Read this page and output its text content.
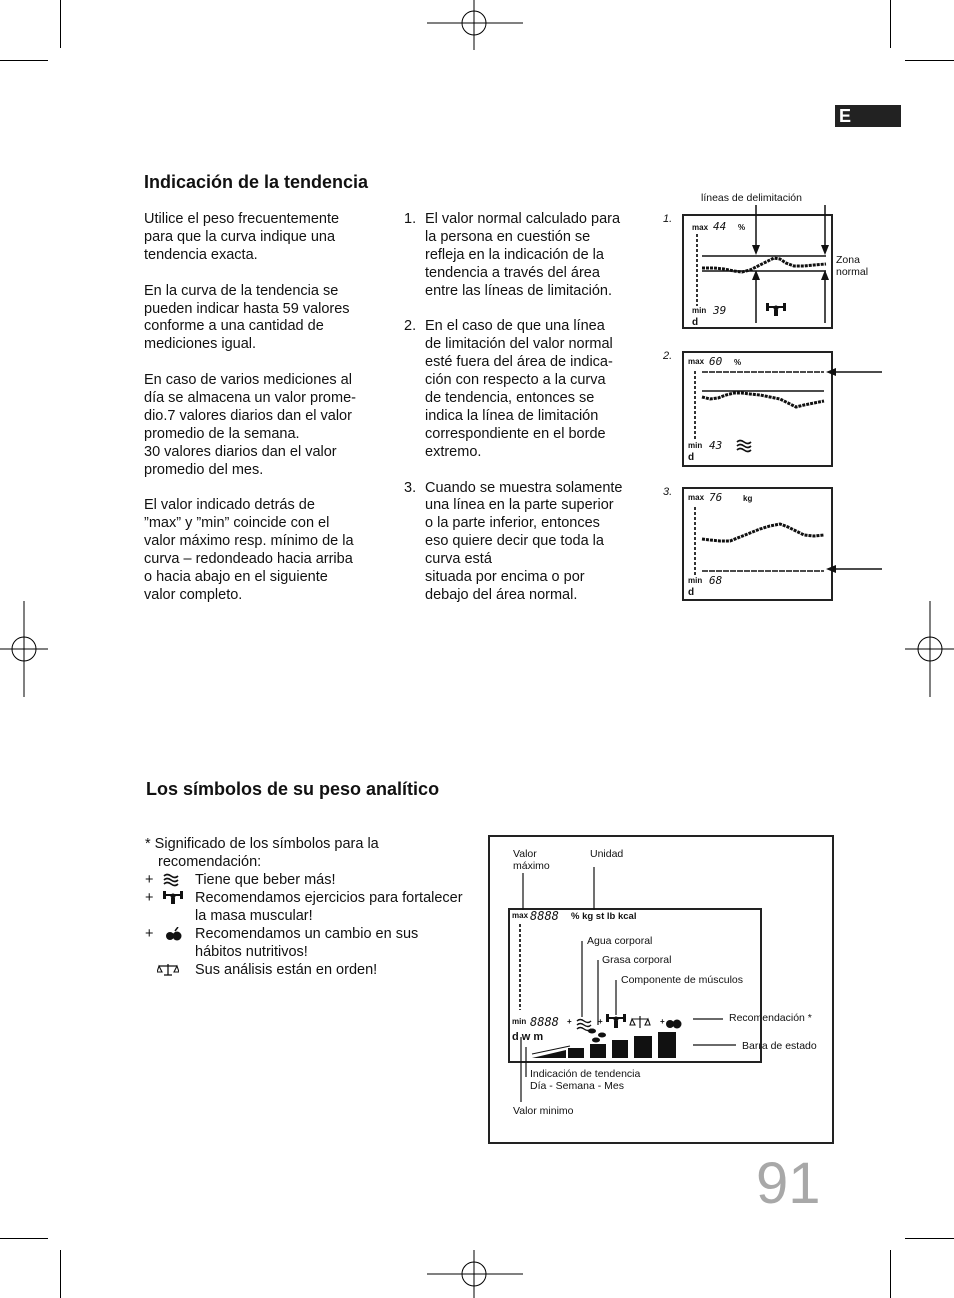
E
Indicación de la tendencia

Utilice el peso frecuentemente
para que la curva indique una
tendencia exacta.

En la curva de la tendencia se
pueden indicar hasta 59 valores
conforme a una cantidad de
mediciones igual.

En caso de varios mediciones al
día se almacena un valor prome-
dio.7 valores diarios dan el valor
promedio de la semana.
30 valores diarios dan el valor
promedio del mes.

El valor indicado detrás de
”max” y ”min” coincide con el
valor máximo resp. mínimo de la
curva – redondeado hacia arriba
o hacia abajo en el siguiente
valor completo.

1. El valor normal calculado para
la persona en cuestión se
refleja en la indicación de la
tendencia a través del área
entre las líneas de limitación.
2. En el caso de que una línea
de limitación del valor normal
esté fuera del área de indica-
ción con respecto a la curva
de tendencia, entonces se
indica la línea de limitación
correspondiente en el borde
extremo.
3. Cuando se muestra solamente
una línea en la parte superior
o la parte inferior, entonces
eso quiere decir que toda la
curva está
situada por encima o por
debajo del área normal.
líneas de delimitación
Zona
normal
1.
max 44 %
min 39
d
2. max 60 %
min 43
d
3. max 76	kg
min 68
d
Los símbolos de su peso analítico
* Significado de los símbolos para la
recomendación:
+	Tiene que beber más!
+	Recomendamos ejercicios para fortalecer
la masa muscular!
+	Recomendamos un cambio en sus
hábitos nutritivos!
Sus análisis están en orden!
Valor
máximo
Unidad
Agua corporal
Grasa corporal
Componente de músculos
Recomendación *
Barra de estado
Indicación de tendencia
Día - Semana - Mes
Valor minimo
max 8888 % kg st lb kcal
min 8888
d w m
+	+	+
91
